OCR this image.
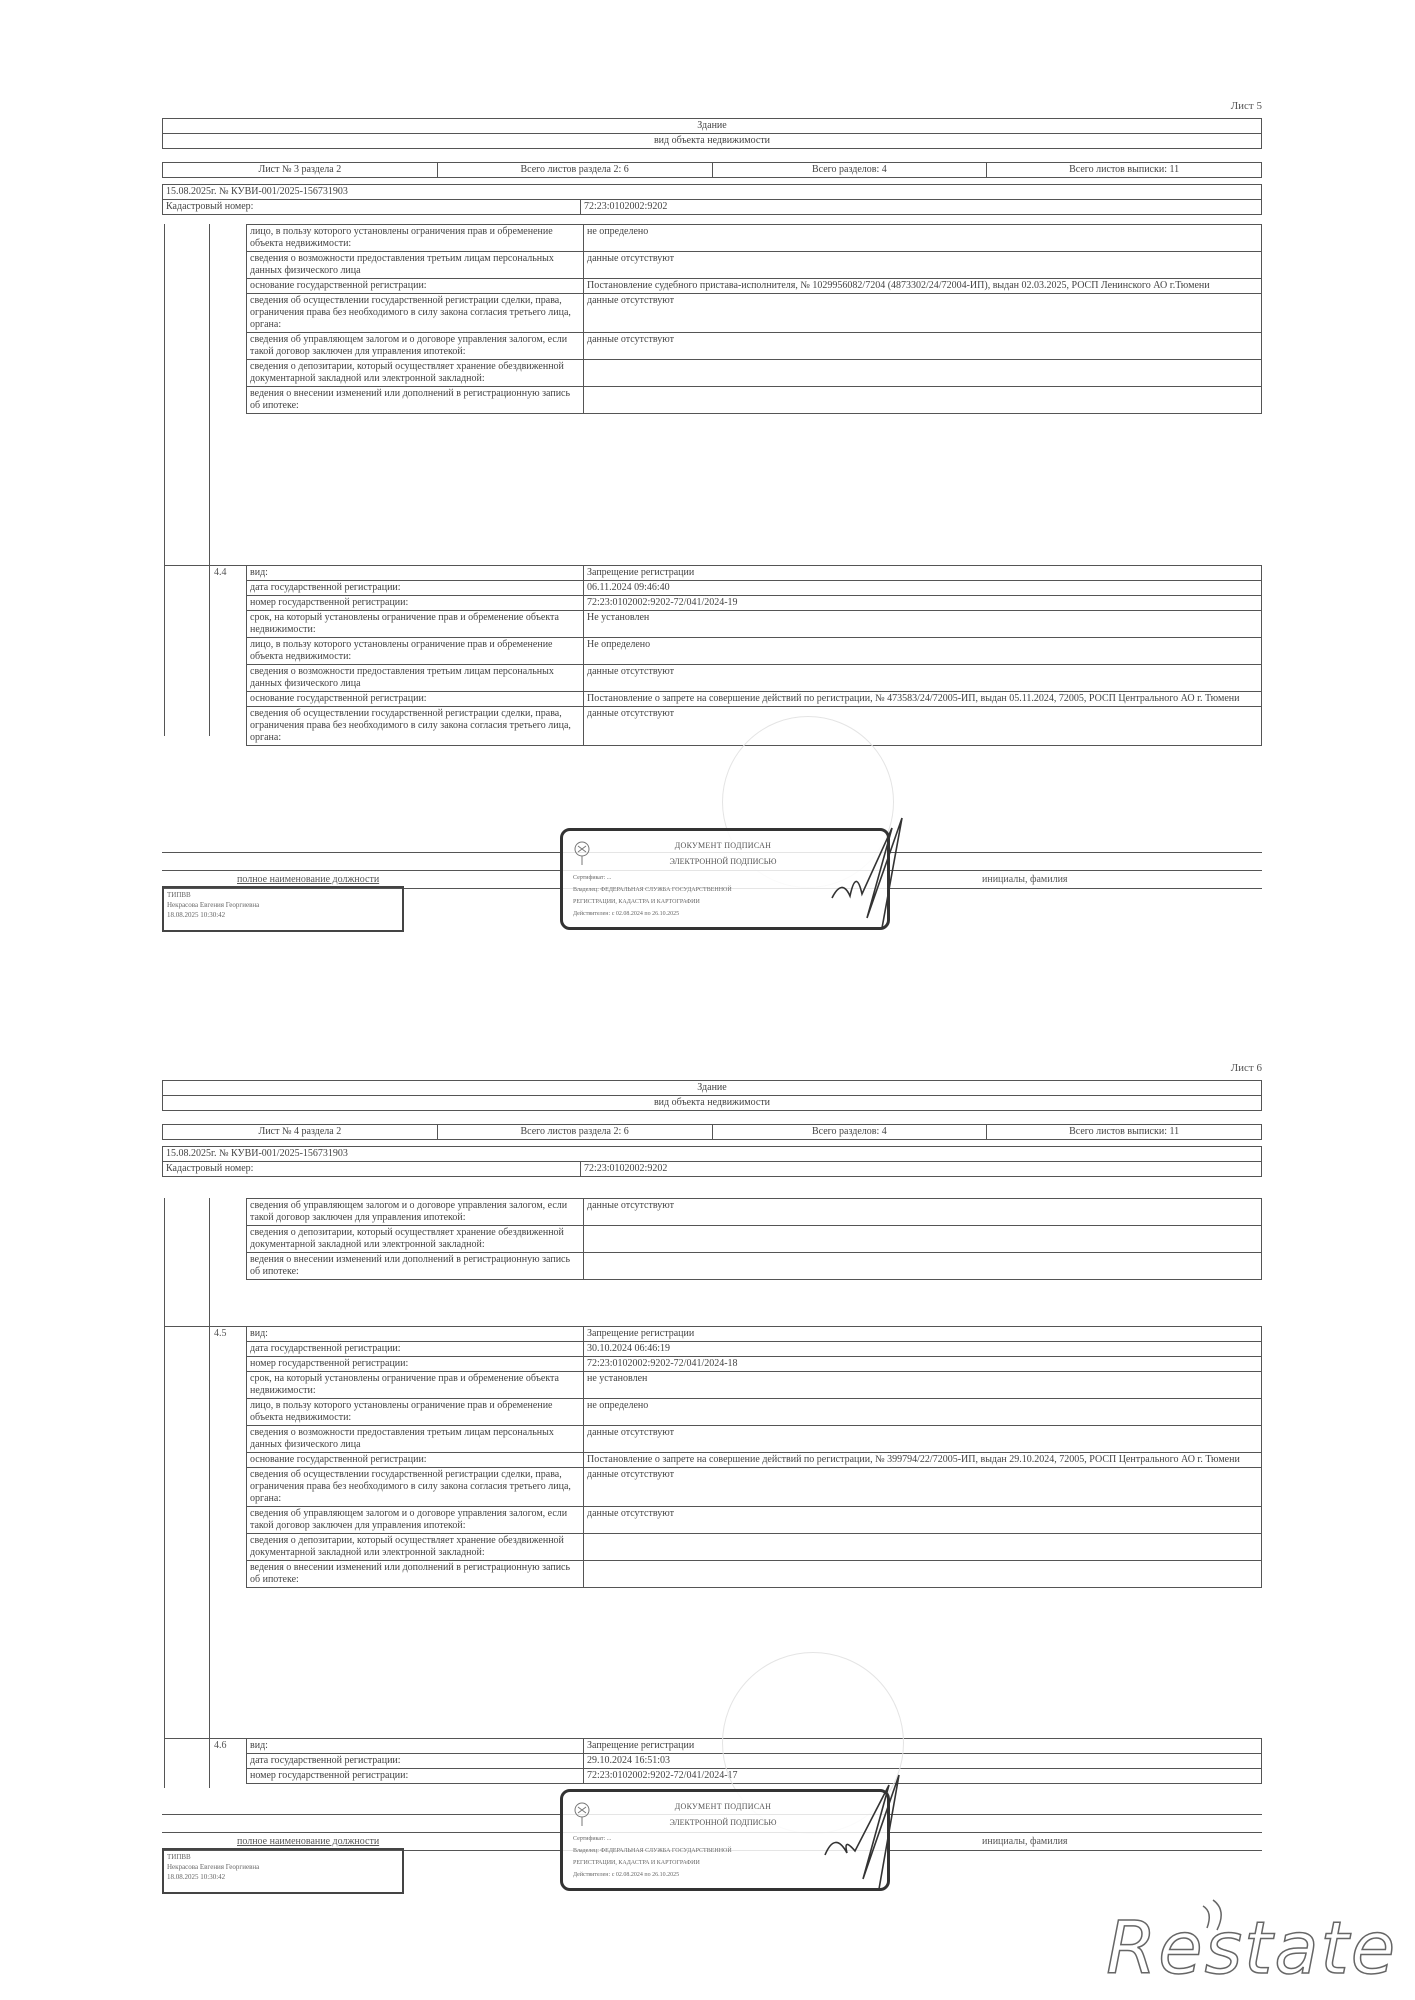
Лист 5
Здание
вид объекта недвижимости
Лист № 3 раздела 2	Всего листов раздела 2: 6	Всего разделов: 4	Всего листов выписки: 11
15.08.2025г. № КУВИ-001/2025-156731903
Кадастровый номер:	72:23:0102002:9202
лицо, в пользу которого установлены ограничения прав и обременение объекта недвижимости:	не определено
сведения о возможности предоставления третьим лицам персональных данных физического лица	данные отсутствуют
основание государственной регистрации:	Постановление судебного пристава-исполнителя, № 1029956082/7204 (4873302/24/72004-ИП), выдан 02.03.2025, РОСП Ленинского АО г.Тюмени
сведения об осуществлении государственной регистрации сделки, права, ограничения права без необходимого в силу закона согласия третьего лица, органа:	данные отсутствуют
сведения об управляющем залогом и о договоре управления залогом, если такой договор заключен для управления ипотекой:	данные отсутствуют
сведения о депозитарии, который осуществляет хранение обездвиженной документарной закладной или электронной закладной:	
ведения о внесении изменений или дополнений в регистрационную запись об ипотеке:	
4.4 вид:	Запрещение регистрации
дата государственной регистрации:	06.11.2024 09:46:40
номер государственной регистрации:	72:23:0102002:9202-72/041/2024-19
срок, на который установлены ограничение прав и обременение объекта недвижимости:	Не установлен
лицо, в пользу которого установлены ограничение прав и обременение объекта недвижимости:	Не определено
сведения о возможности предоставления третьим лицам персональных данных физического лица	данные отсутствуют
основание государственной регистрации:	Постановление о запрете на совершение действий по регистрации, № 473583/24/72005-ИП, выдан 05.11.2024, 72005, РОСП Центрального АО г. Тюмени
сведения об осуществлении государственной регистрации сделки, права, ограничения права без необходимого в силу закона согласия третьего лица, органа:	данные отсутствуют
полное наименование должности	инициалы, фамилия
ТИПВВ
Некрасова Евгения Георгиевна
18.08.2025 10:30:42
ДОКУМЕНТ ПОДПИСАН
ЭЛЕКТРОННОЙ ПОДПИСЬЮ
Сертификат: ...
Владелец: ФЕДЕРАЛЬНАЯ СЛУЖБА ГОСУДАРСТВЕННОЙ
РЕГИСТРАЦИИ, КАДАСТРА И КАРТОГРАФИИ
Действителен: с 02.08.2024 по 26.10.2025
Лист 6
Здание
вид объекта недвижимости
Лист № 4 раздела 2	Всего листов раздела 2: 6	Всего разделов: 4	Всего листов выписки: 11
15.08.2025г. № КУВИ-001/2025-156731903
Кадастровый номер:	72:23:0102002:9202
сведения об управляющем залогом и о договоре управления залогом, если такой договор заключен для управления ипотекой:	данные отсутствуют
сведения о депозитарии, который осуществляет хранение обездвиженной документарной закладной или электронной закладной:	
ведения о внесении изменений или дополнений в регистрационную запись об ипотеке:	
4.5 вид:	Запрещение регистрации
дата государственной регистрации:	30.10.2024 06:46:19
номер государственной регистрации:	72:23:0102002:9202-72/041/2024-18
срок, на который установлены ограничение прав и обременение объекта недвижимости:	не установлен
лицо, в пользу которого установлены ограничение прав и обременение объекта недвижимости:	не определено
сведения о возможности предоставления третьим лицам персональных данных физического лица	данные отсутствуют
основание государственной регистрации:	Постановление о запрете на совершение действий по регистрации, № 399794/22/72005-ИП, выдан 29.10.2024, 72005, РОСП Центрального АО г. Тюмени
сведения об осуществлении государственной регистрации сделки, права, ограничения права без необходимого в силу закона согласия третьего лица, органа:	данные отсутствуют
сведения об управляющем залогом и о договоре управления залогом, если такой договор заключен для управления ипотекой:	данные отсутствуют
сведения о депозитарии, который осуществляет хранение обездвиженной документарной закладной или электронной закладной:	
ведения о внесении изменений или дополнений в регистрационную запись об ипотеке:	
4.6 вид:	Запрещение регистрации
дата государственной регистрации:	29.10.2024 16:51:03
номер государственной регистрации:	72:23:0102002:9202-72/041/2024-17
полное наименование должности	инициалы, фамилия
ТИПВВ
Некрасова Евгения Георгиевна
18.08.2025 10:30:42
ДОКУМЕНТ ПОДПИСАН
ЭЛЕКТРОННОЙ ПОДПИСЬЮ
Сертификат: ...
Владелец: ФЕДЕРАЛЬНАЯ СЛУЖБА ГОСУДАРСТВЕННОЙ
РЕГИСТРАЦИИ, КАДАСТРА И КАРТОГРАФИИ
Действителен: с 02.08.2024 по 26.10.2025
Restate
